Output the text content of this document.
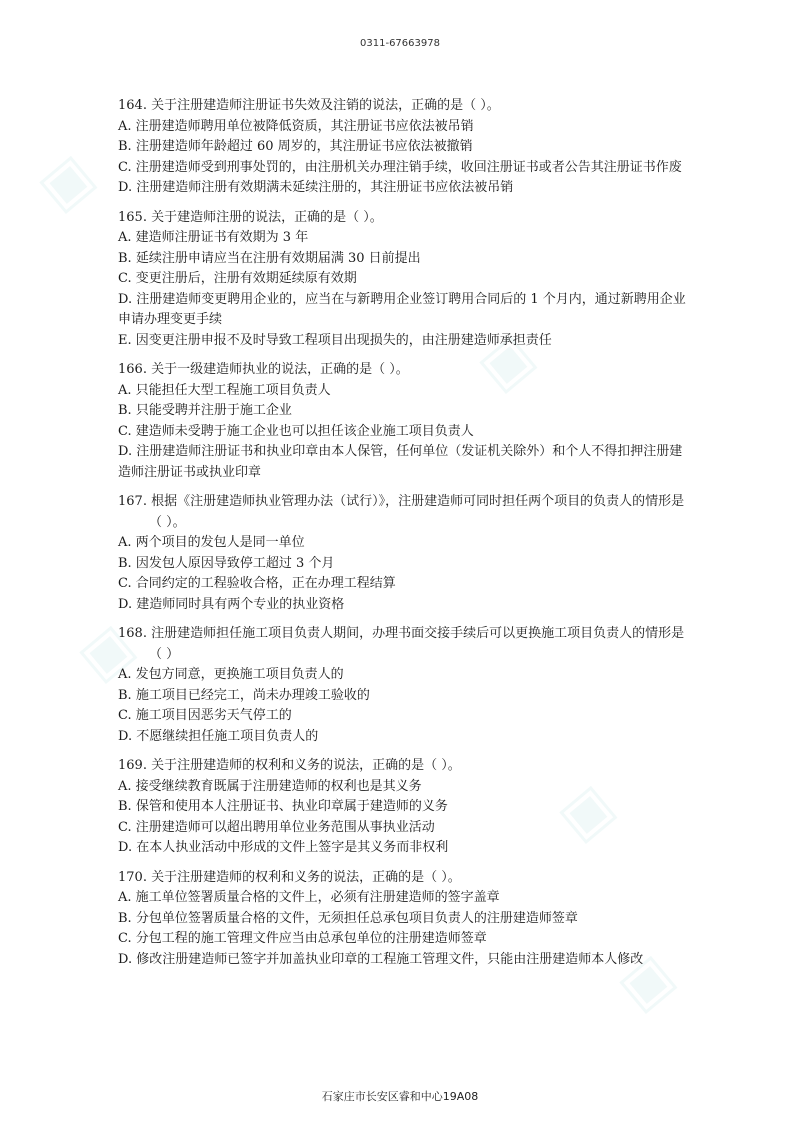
▣
▣
▣
▣
▣
0311-67663978
164. 关于注册建造师注册证书失效及注销的说法，正确的是（ ）。
A. 注册建造师聘用单位被降低资质，其注册证书应依法被吊销
B. 注册建造师年龄超过 60 周岁的，其注册证书应依法被撤销
C. 注册建造师受到刑事处罚的，由注册机关办理注销手续，收回注册证书或者公告其注册证书作废
D. 注册建造师注册有效期满未延续注册的，其注册证书应依法被吊销
165. 关于建造师注册的说法，正确的是（ ）。
A. 建造师注册证书有效期为 3 年
B. 延续注册申请应当在注册有效期届满 30 日前提出
C. 变更注册后，注册有效期延续原有效期
D. 注册建造师变更聘用企业的，应当在与新聘用企业签订聘用合同后的 1 个月内，通过新聘用企业申请办理变更手续
E. 因变更注册申报不及时导致工程项目出现损失的，由注册建造师承担责任
166. 关于一级建造师执业的说法，正确的是（ ）。
A. 只能担任大型工程施工项目负责人
B. 只能受聘并注册于施工企业
C. 建造师未受聘于施工企业也可以担任该企业施工项目负责人
D. 注册建造师注册证书和执业印章由本人保管，任何单位（发证机关除外）和个人不得扣押注册建造师注册证书或执业印章
167. 根据《注册建造师执业管理办法（试行）》，注册建造师可同时担任两个项目的负责人的情形是（ ）。
A. 两个项目的发包人是同一单位
B. 因发包人原因导致停工超过 3 个月
C. 合同约定的工程验收合格，正在办理工程结算
D. 建造师同时具有两个专业的执业资格
168. 注册建造师担任施工项目负责人期间，办理书面交接手续后可以更换施工项目负责人的情形是（ ）
A. 发包方同意，更换施工项目负责人的
B. 施工项目已经完工，尚未办理竣工验收的
C. 施工项目因恶劣天气停工的
D. 不愿继续担任施工项目负责人的
169. 关于注册建造师的权利和义务的说法，正确的是（ ）。
A. 接受继续教育既属于注册建造师的权利也是其义务
B. 保管和使用本人注册证书、执业印章属于建造师的义务
C. 注册建造师可以超出聘用单位业务范围从事执业活动
D. 在本人执业活动中形成的文件上签字是其义务而非权利
170. 关于注册建造师的权利和义务的说法，正确的是（ ）。
A. 施工单位签署质量合格的文件上，必须有注册建造师的签字盖章
B. 分包单位签署质量合格的文件，无须担任总承包项目负责人的注册建造师签章
C. 分包工程的施工管理文件应当由总承包单位的注册建造师签章
D. 修改注册建造师已签字并加盖执业印章的工程施工管理文件，只能由注册建造师本人修改
石家庄市长安区睿和中心19A08
